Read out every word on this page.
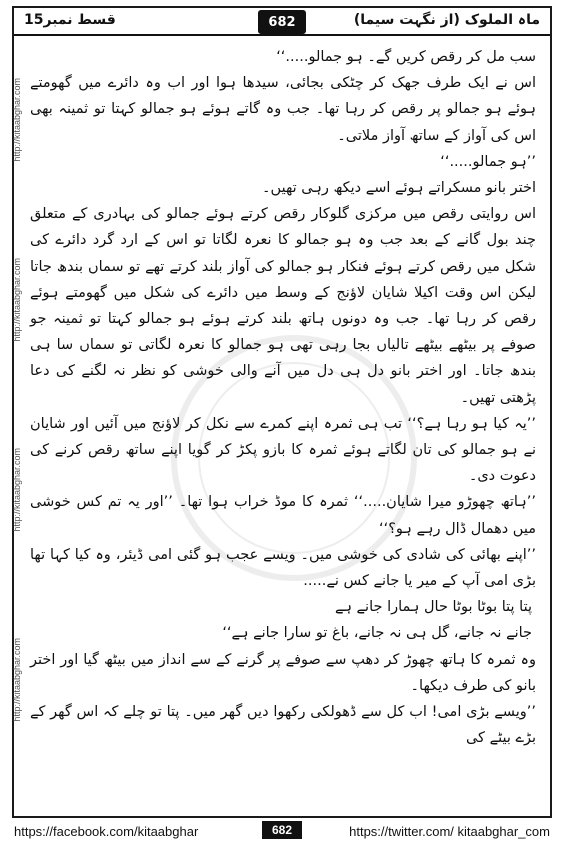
قسط نمبر15	682	ماہ الملوک (از نگہت سیما)
http://kitaabghar.com
http://kitaabghar.com
http://kitaabghar.com
http://kitaabghar.com

سب مل کر رقص کریں گے۔ ہو جمالو.....‘‘

اس نے ایک طرف جھک کر چٹکی بجائی، سیدھا ہوا اور اب وہ دائرے میں گھومتے ہوئے ہو جمالو پر رقص کر رہا تھا۔ جب وہ گاتے ہوئے ہو جمالو کہتا تو ثمینہ بھی اس کی آواز کے ساتھ آواز ملاتی۔

’’ہو جمالو.....‘‘

اختر بانو مسکراتے ہوئے اسے دیکھ رہی تھیں۔

اس روایتی رقص میں مرکزی گلوکار رقص کرتے ہوئے جمالو کی بہادری کے متعلق چند بول گانے کے بعد جب وہ ہو جمالو کا نعرہ لگاتا تو اس کے ارد گرد دائرے کی شکل میں رقص کرتے ہوئے فنکار ہو جمالو کی آواز بلند کرتے تھے تو سماں بندھ جاتا لیکن اس وقت اکیلا شایان لاؤنج کے وسط میں دائرے کی شکل میں گھومتے ہوئے رقص کر رہا تھا۔ جب وہ دونوں ہاتھ بلند کرتے ہوئے ہو جمالو کہتا تو ثمینہ جو صوفے پر بیٹھے بیٹھے تالیاں بجا رہی تھی ہو جمالو کا نعرہ لگاتی تو سماں سا ہی بندھ جاتا۔ اور اختر بانو دل ہی دل میں آنے والی خوشی کو نظر نہ لگنے کی دعا پڑھتی تھیں۔

’’یہ کیا ہو رہا ہے؟‘‘ تب ہی ثمرہ اپنے کمرے سے نکل کر لاؤنج میں آئیں اور شایان نے ہو جمالو کی تان لگاتے ہوئے ثمرہ کا بازو پکڑ کر گویا اپنے ساتھ رقص کرنے کی دعوت دی۔

’’ہاتھ چھوڑو میرا شایان.....‘‘ ثمرہ کا موڈ خراب ہوا تھا۔ ’’اور یہ تم کس خوشی میں دھمال ڈال رہے ہو؟‘‘

’’اپنے بھائی کی شادی کی خوشی میں۔ ویسے عجب ہو گئی امی ڈیئر، وہ کیا کہا تھا بڑی امی آپ کے میر یا جانے کس نے.....

پتا پتا بوٹا بوٹا حال ہمارا جانے ہے

جانے نہ جانے، گل ہی نہ جانے، باغ تو سارا جانے ہے‘‘

وہ ثمرہ کا ہاتھ چھوڑ کر دھپ سے صوفے پر گرنے کے سے انداز میں بیٹھ گیا اور اختر بانو کی طرف دیکھا۔

’’ویسے بڑی امی! اب کل سے ڈھولکی رکھوا دیں گھر میں۔ پتا تو چلے کہ اس گھر کے بڑے بیٹے کی

https://facebook.com/kitaabghar	682	https://twitter.com/ kitaabghar_com
